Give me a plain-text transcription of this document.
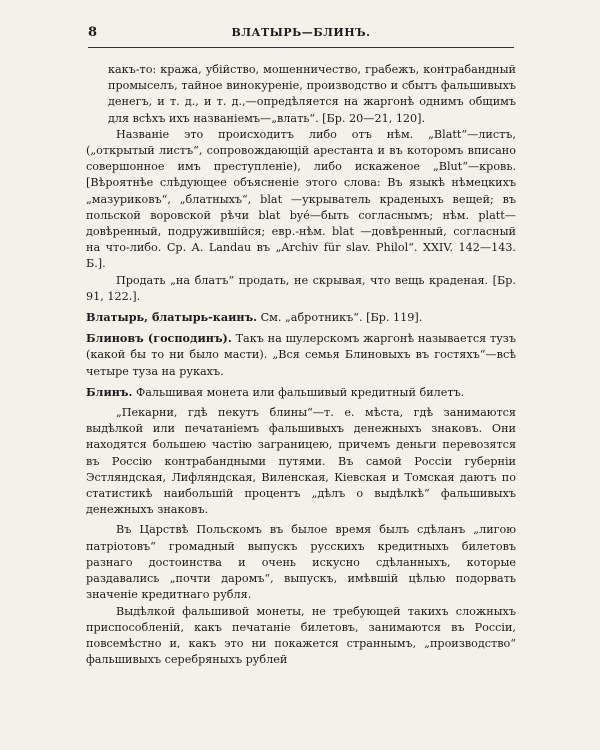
8	ВЛАТЫРЬ—БЛИНЪ.

какъ-то: кража, убійство, мошенничество, грабежъ, контрабандный промыселъ, тайное винокуреніе, производство и сбытъ фальшивыхъ денегъ, и т. д., и т. д.,—опредѣляется на жаргонѣ однимъ общимъ для всѣхъ ихъ названіемъ—„влать“. [Бр. 20—21, 120].

Названіе это происходитъ либо отъ нѣм. „Blatt“—листъ, („открытый листъ“, сопровождающій арестанта и въ которомъ вписано совершонное имъ преступленіе), либо искаженое „Blut“—кровь. [Вѣроятнѣе слѣдующее объясненіе этого слова: Въ языкѣ нѣмецкихъ „мазуриковъ“, „блатныхъ“, blat —укрыватель краденыхъ вещей; въ польской воровской рѣчи blat byé—быть согласнымъ; нѣм. platt—довѣренный, подружившійся; евр.-нѣм. blat —довѣренный, согласный на что-либо. Ср. A. Landau въ „Archiv für slav. Philol“. XXIV. 142—143. Б.].

Продать „на блатъ“ продать, не скрывая, что вещь краденая. [Бр. 91, 122.].

Влатырь, блатырь-каинъ. См. „абротникъ“. [Бр. 119].

Блиновъ (господинъ). Такъ на шулерскомъ жаргонѣ называется тузъ (какой бы то ни было масти). „Вся семья Блиновыхъ въ гостяхъ“—всѣ четыре туза на рукахъ.

Блинъ. Фальшивая монета или фальшивый кредитный билетъ.

„Пекарни, гдѣ пекутъ блины“—т. е. мѣста, гдѣ занимаются выдѣлкой или печатаніемъ фальшивыхъ денежныхъ знаковъ. Они находятся большею частію заграницею, причемъ деньги перевозятся въ Россію контрабандными путями. Въ самой Россіи губерніи Эстляндская, Лифляндская, Виленская, Кіевская и Томская даютъ по статистикѣ наибольшій процентъ „дѣлъ о выдѣлкѣ“ фальшивыхъ денежныхъ знаковъ.

Въ Царствѣ Польскомъ въ былое время былъ сдѣланъ „лигою патріотовъ“ громадный выпускъ русскихъ кредитныхъ билетовъ разнаго достоинства и очень искусно сдѣланныхъ, которые раздавались „почти даромъ“, выпускъ, имѣвшій цѣлью подорвать значеніе кредитнаго рубля.

Выдѣлкой фальшивой монеты, не требующей такихъ сложныхъ приспособленій, какъ печатаніе билетовъ, занимаются въ Россіи, повсемѣстно и, какъ это ни покажется страннымъ, „производство“ фальшивыхъ серебряныхъ рублей
